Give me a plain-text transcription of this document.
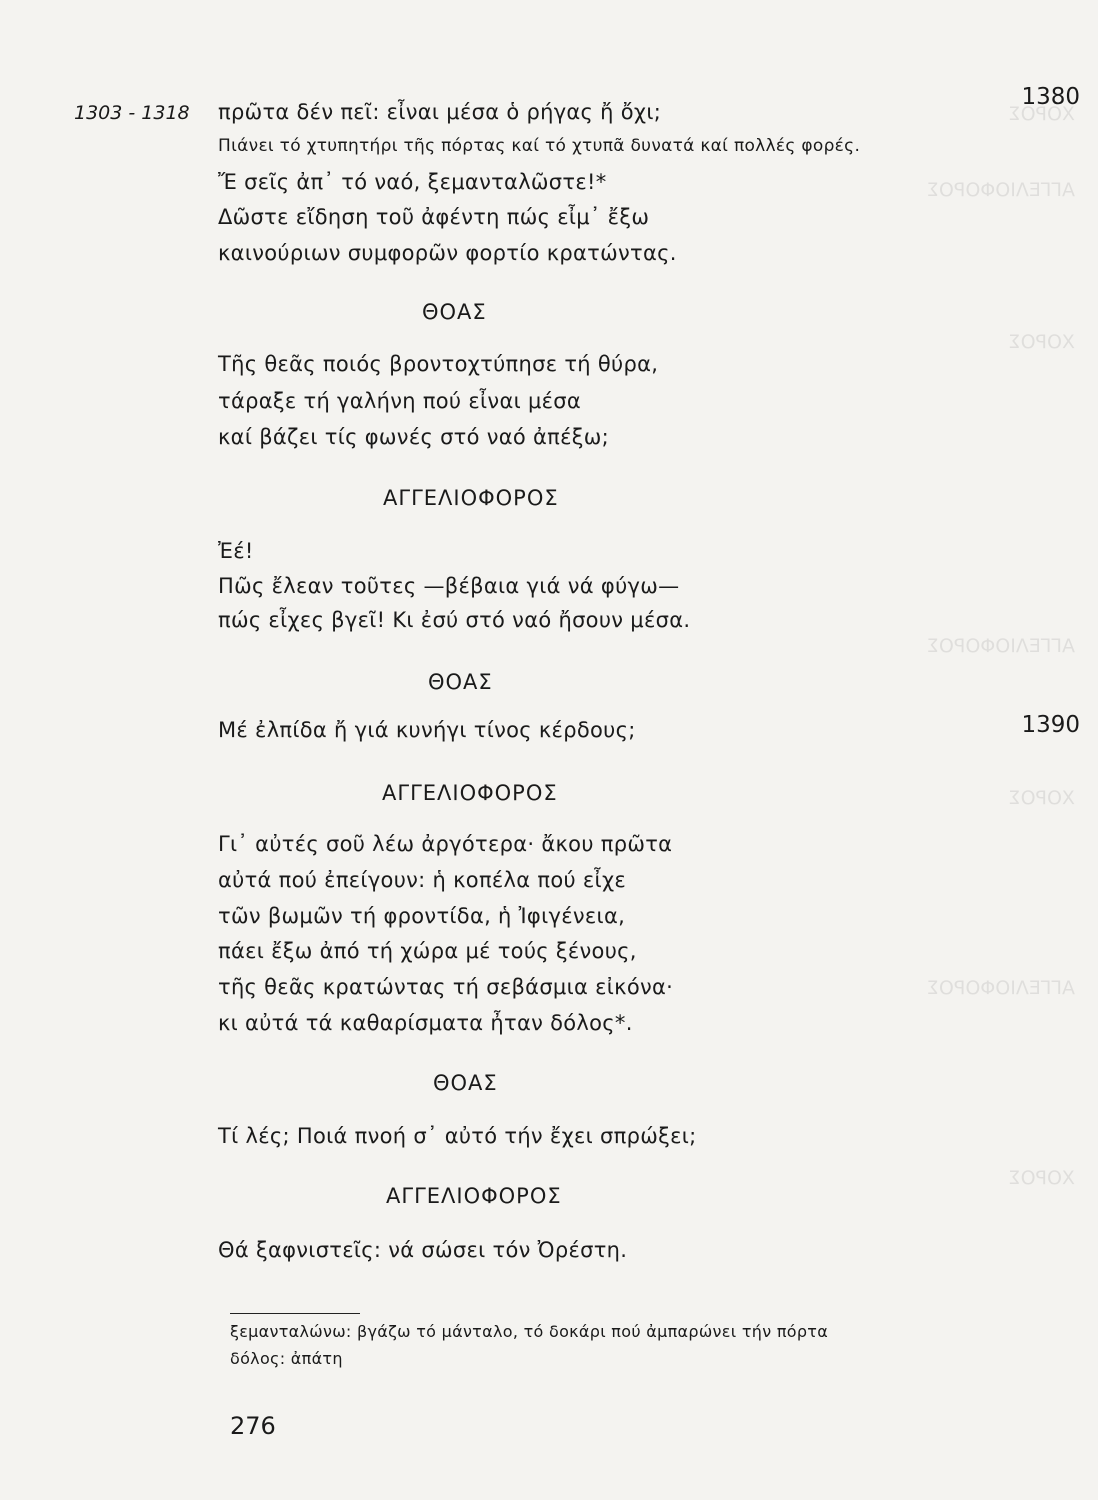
ΧΟΡΟΣ

ΑΓΓΕΛΙΟΦΟΡΟΣ

ΧΟΡΟΣ

ΑΓΓΕΛΙΟΦΟΡΟΣ

ΧΟΡΟΣ

ΑΓΓΕΛΙΟΦΟΡΟΣ

ΧΟΡΟΣ
1303 - 1318
1380
πρῶτα δέν πεῖ: εἶναι μέσα ὁ ρήγας ἤ ὄχι;
Πιάνει τό χτυπητήρι τῆς πόρτας καί τό χτυπᾶ δυνατά καί πολλές φορές.
Ἔ σεῖς ἀπ᾽ τό ναό, ξεμανταλῶστε!*
Δῶστε εἴδηση τοῦ ἀφέντη πώς εἶμ᾽ ἔξω
καινούριων συμφορῶν φορτίο κρατώντας.
ΘΟΑΣ
Τῆς θεᾶς ποιός βροντοχτύπησε τή θύρα,
τάραξε τή γαλήνη πού εἶναι μέσα
καί βάζει τίς φωνές στό ναό ἀπέξω;
ΑΓΓΕΛΙΟΦΟΡΟΣ
Ἐέ!
Πῶς ἔλεαν τοῦτες —βέβαια γιά νά φύγω—
πώς εἶχες βγεῖ! Κι ἐσύ στό ναό ἤσουν μέσα.
ΘΟΑΣ
Μέ ἐλπίδα ἤ γιά κυνήγι τίνος κέρδους;	1390
ΑΓΓΕΛΙΟΦΟΡΟΣ
Γι᾽ αὐτές σοῦ λέω ἀργότερα· ἄκου πρῶτα
αὐτά πού ἐπείγουν: ἡ κοπέλα πού εἶχε
τῶν βωμῶν τή φροντίδα, ἡ Ἰφιγένεια,
πάει ἔξω ἀπό τή χώρα μέ τούς ξένους,
τῆς θεᾶς κρατώντας τή σεβάσμια εἰκόνα·
κι αὐτά τά καθαρίσματα ἦταν δόλος*.
ΘΟΑΣ
Τί λές; Ποιά πνοή σ᾽ αὐτό τήν ἔχει σπρώξει;
ΑΓΓΕΛΙΟΦΟΡΟΣ
Θά ξαφνιστεῖς: νά σώσει τόν Ὀρέστη.
ξεμανταλώνω: βγάζω τό μάνταλο, τό δοκάρι πού ἀμπαρώνει τήν πόρτα
δόλος: ἀπάτη
276
